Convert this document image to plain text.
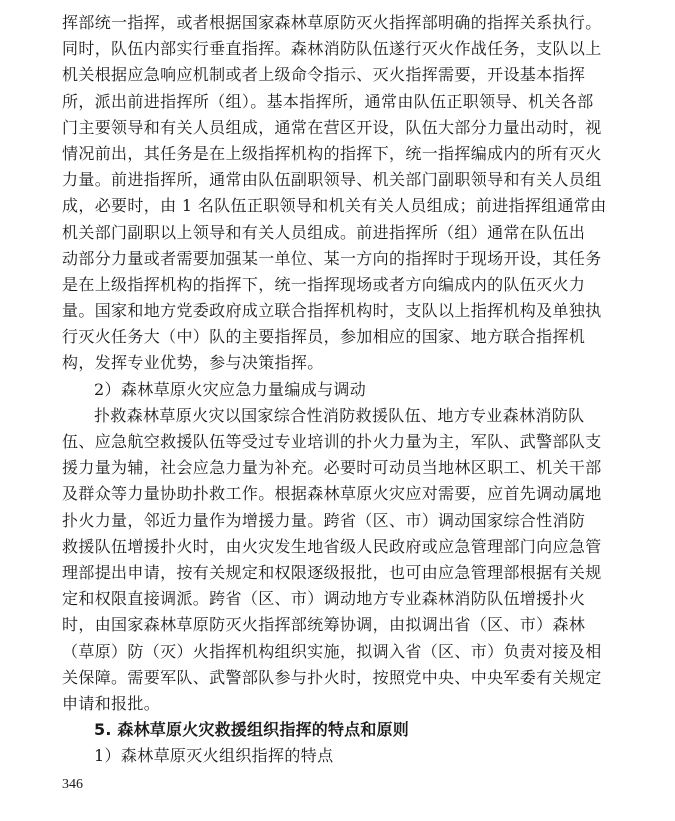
挥部统一指挥，或者根据国家森林草原防灭火指挥部明确的指挥关系执行。
同时，队伍内部实行垂直指挥。森林消防队伍遂行灭火作战任务，支队以上
机关根据应急响应机制或者上级命令指示、灭火指挥需要，开设基本指挥
所，派出前进指挥所（组）。基本指挥所，通常由队伍正职领导、机关各部
门主要领导和有关人员组成，通常在营区开设，队伍大部分力量出动时，视
情况前出，其任务是在上级指挥机构的指挥下，统一指挥编成内的所有灭火
力量。前进指挥所，通常由队伍副职领导、机关部门副职领导和有关人员组
成，必要时，由 1 名队伍正职领导和机关有关人员组成；前进指挥组通常由
机关部门副职以上领导和有关人员组成。前进指挥所（组）通常在队伍出
动部分力量或者需要加强某一单位、某一方向的指挥时于现场开设，其任务
是在上级指挥机构的指挥下，统一指挥现场或者方向编成内的队伍灭火力
量。国家和地方党委政府成立联合指挥机构时，支队以上指挥机构及单独执
行灭火任务大（中）队的主要指挥员，参加相应的国家、地方联合指挥机
构，发挥专业优势，参与决策指挥。
2）森林草原火灾应急力量编成与调动
扑救森林草原火灾以国家综合性消防救援队伍、地方专业森林消防队
伍、应急航空救援队伍等受过专业培训的扑火力量为主，军队、武警部队支
援力量为辅，社会应急力量为补充。必要时可动员当地林区职工、机关干部
及群众等力量协助扑救工作。根据森林草原火灾应对需要，应首先调动属地
扑火力量，邻近力量作为增援力量。跨省（区、市）调动国家综合性消防
救援队伍增援扑火时，由火灾发生地省级人民政府或应急管理部门向应急管
理部提出申请，按有关规定和权限逐级报批，也可由应急管理部根据有关规
定和权限直接调派。跨省（区、市）调动地方专业森林消防队伍增援扑火
时，由国家森林草原防灭火指挥部统筹协调，由拟调出省（区、市）森林
（草原）防（灭）火指挥机构组织实施，拟调入省（区、市）负责对接及相
关保障。需要军队、武警部队参与扑火时，按照党中央、中央军委有关规定
申请和报批。
5. 森林草原火灾救援组织指挥的特点和原则
1）森林草原灭火组织指挥的特点
346
